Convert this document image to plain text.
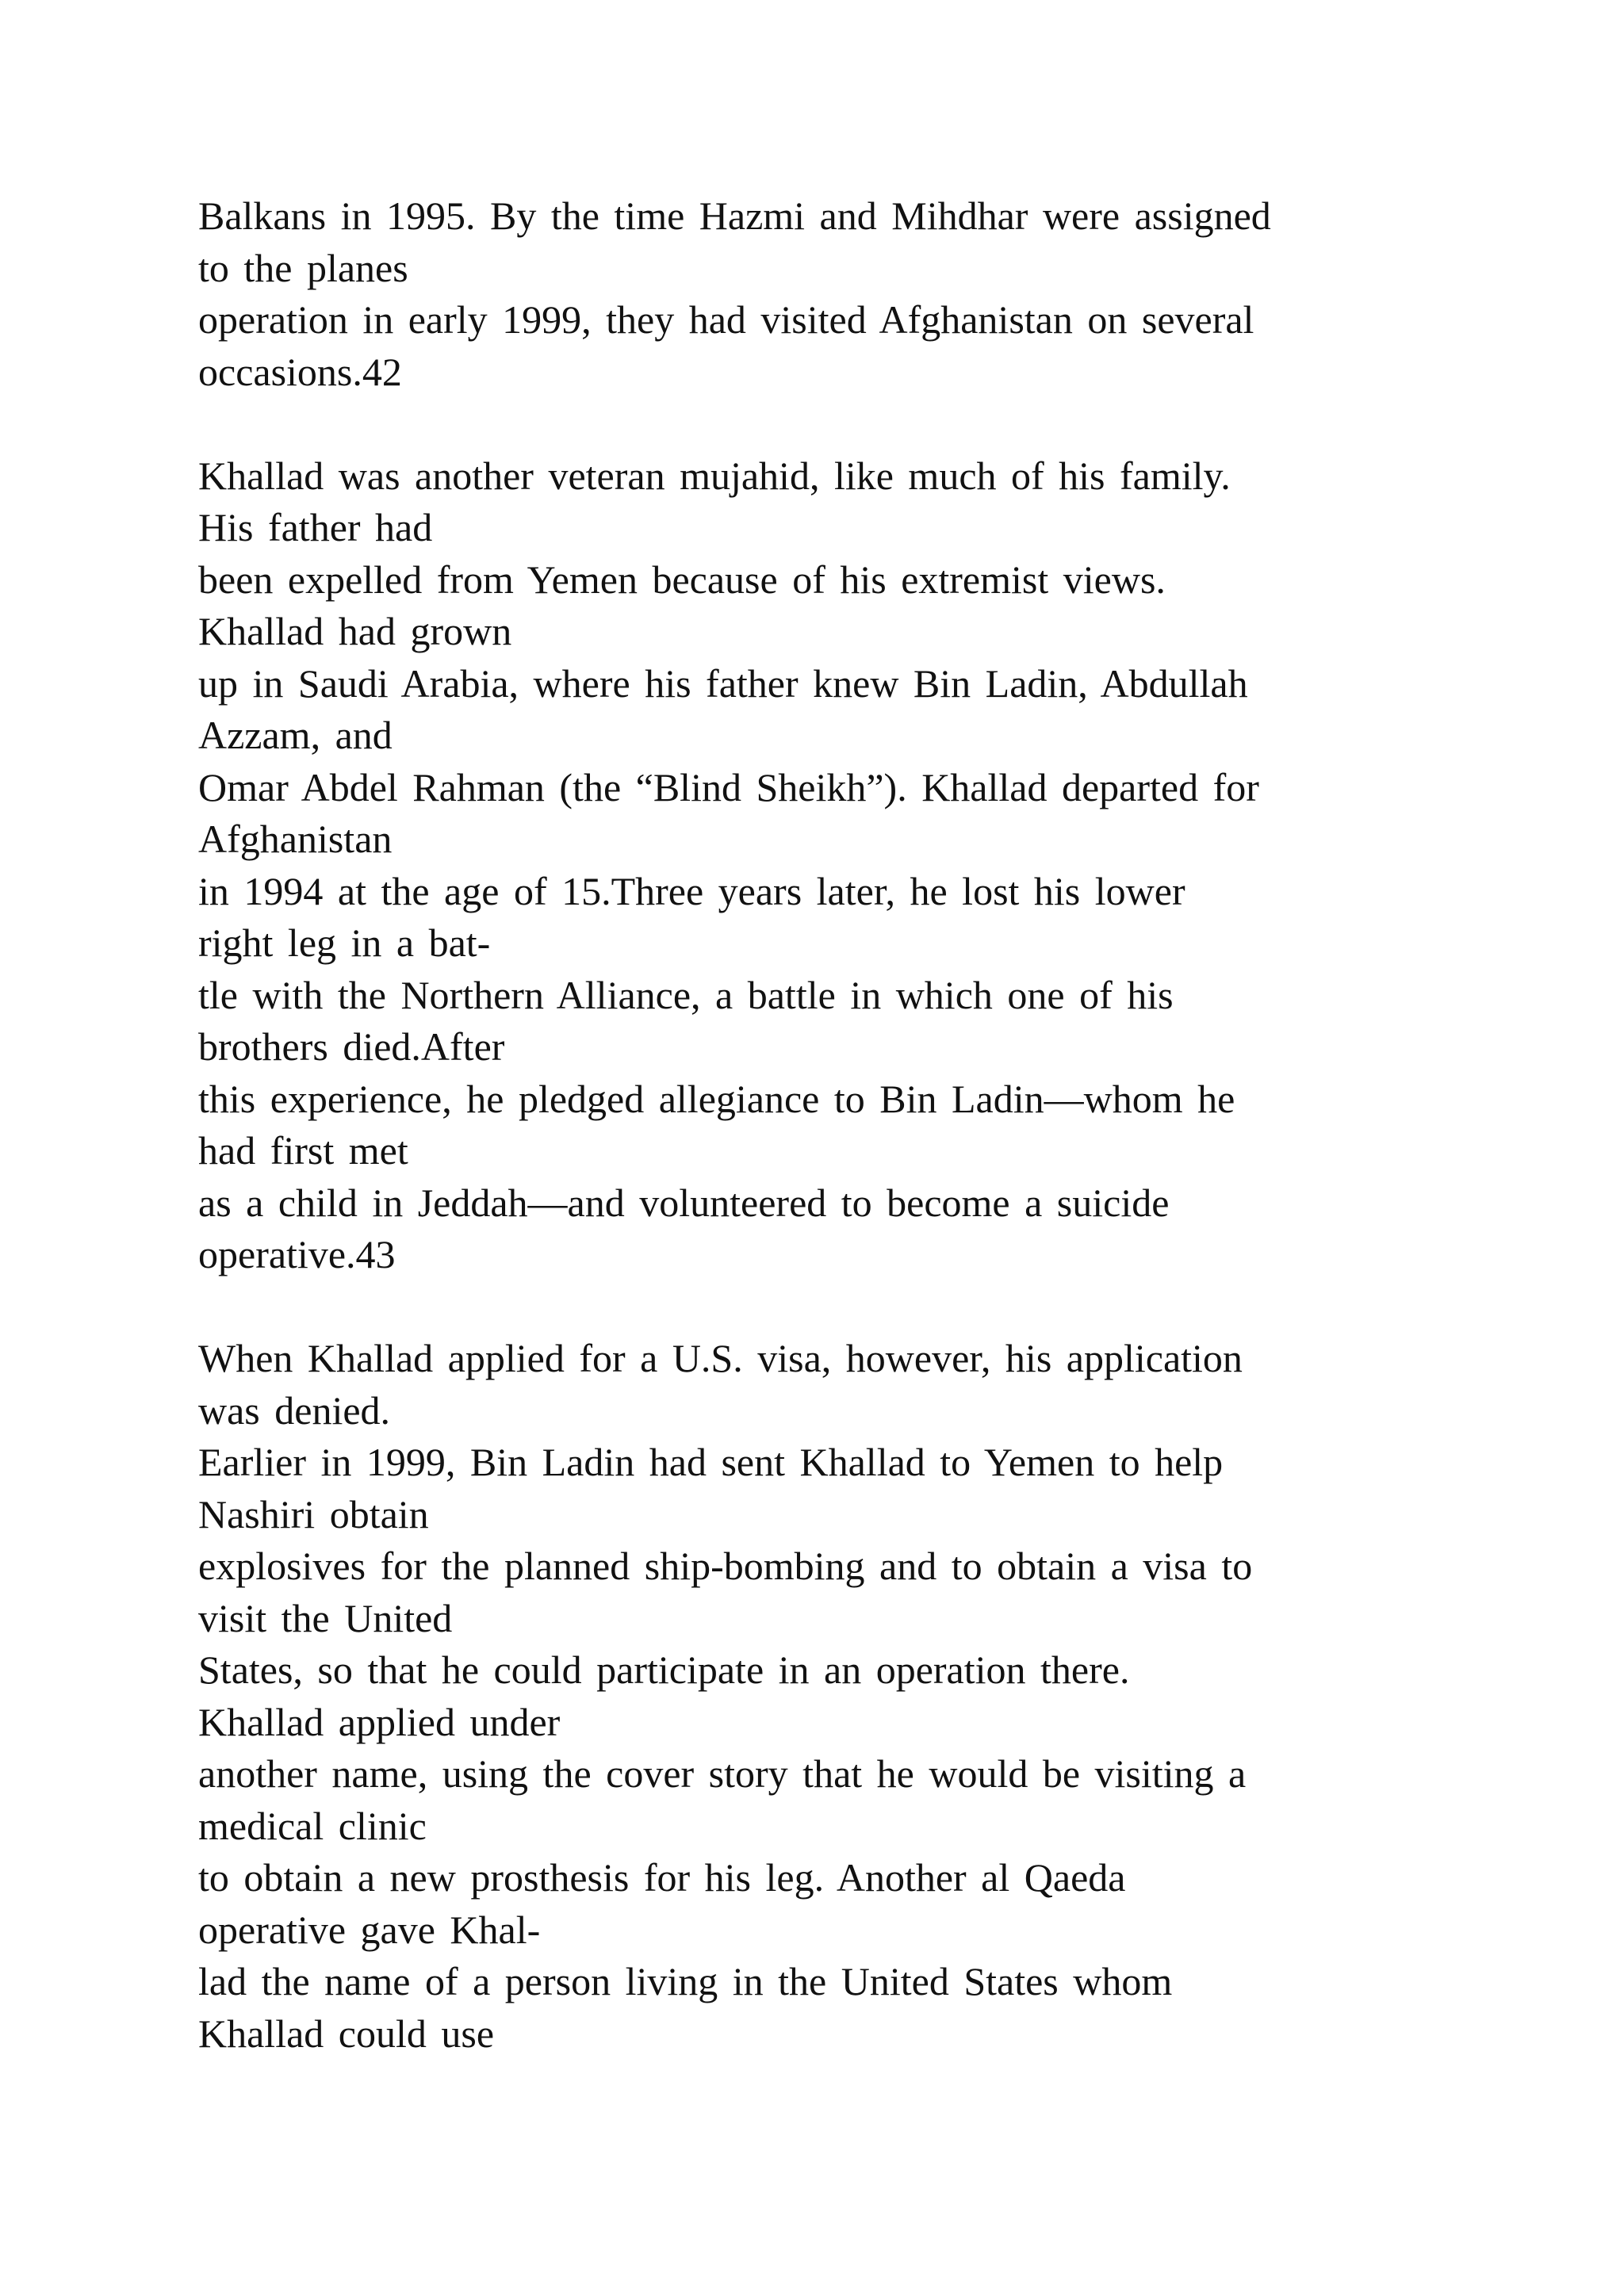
Balkans in 1995. By the time Hazmi and Mihdhar were assigned
to the planes
operation in early 1999, they had visited Afghanistan on several
occasions.42
Khallad was another veteran mujahid, like much of his family.
His father had
been expelled from Yemen because of his extremist views.
Khallad had grown
up in Saudi Arabia, where his father knew Bin Ladin, Abdullah
Azzam, and
Omar Abdel Rahman (the “Blind Sheikh”). Khallad departed for
Afghanistan
in 1994 at the age of 15.Three years later, he lost his lower
right leg in a bat-
tle with the Northern Alliance, a battle in which one of his
brothers died.After
this experience, he pledged allegiance to Bin Ladin—whom he
had first met
as a child in Jeddah—and volunteered to become a suicide
operative.43
When Khallad applied for a U.S. visa, however, his application
was denied.
Earlier in 1999, Bin Ladin had sent Khallad to Yemen to help
Nashiri obtain
explosives for the planned ship-bombing and to obtain a visa to
visit the United
States, so that he could participate in an operation there.
Khallad applied under
another name, using the cover story that he would be visiting a
medical clinic
to obtain a new prosthesis for his leg. Another al Qaeda
operative gave Khal-
lad the name of a person living in the United States whom
Khallad could use
